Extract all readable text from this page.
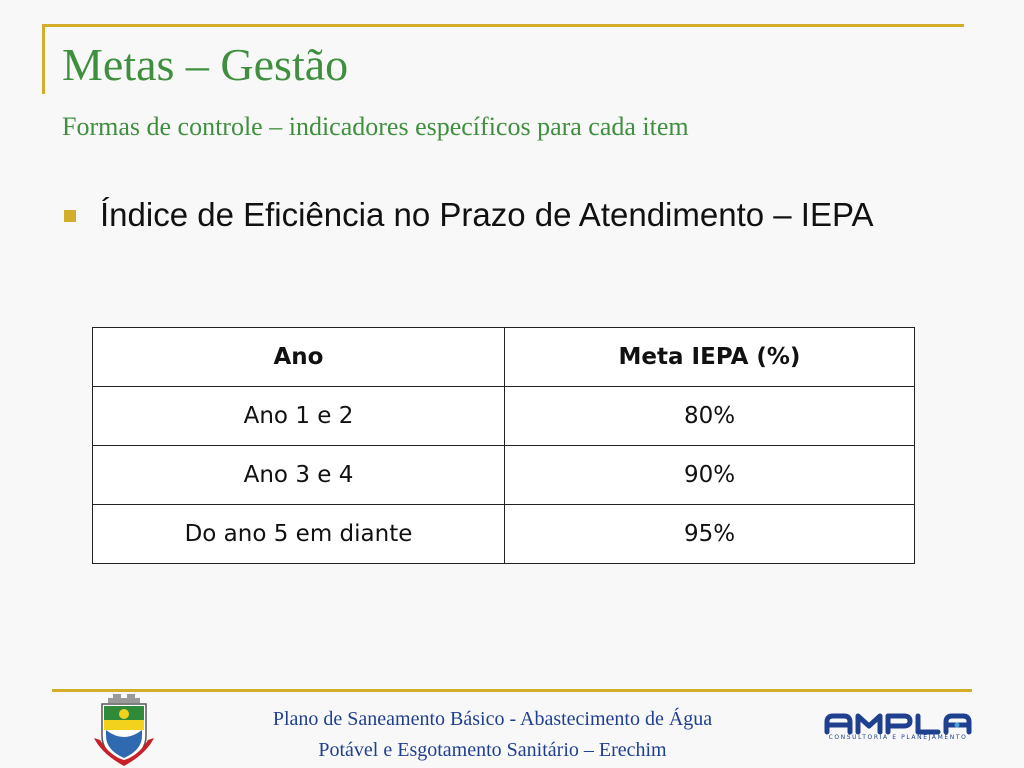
Metas – Gestão
Formas de controle – indicadores específicos para cada item
Índice de Eficiência no Prazo de Atendimento – IEPA
Ano	Meta IEPA (%)
Ano 1 e 2	80%
Ano 3 e 4	90%
Do ano 5 em diante	95%
Plano de Saneamento Básico - Abastecimento de Água
Potável e Esgotamento Sanitário – Erechim
CONSULTORIA E PLANEJAMENTO
